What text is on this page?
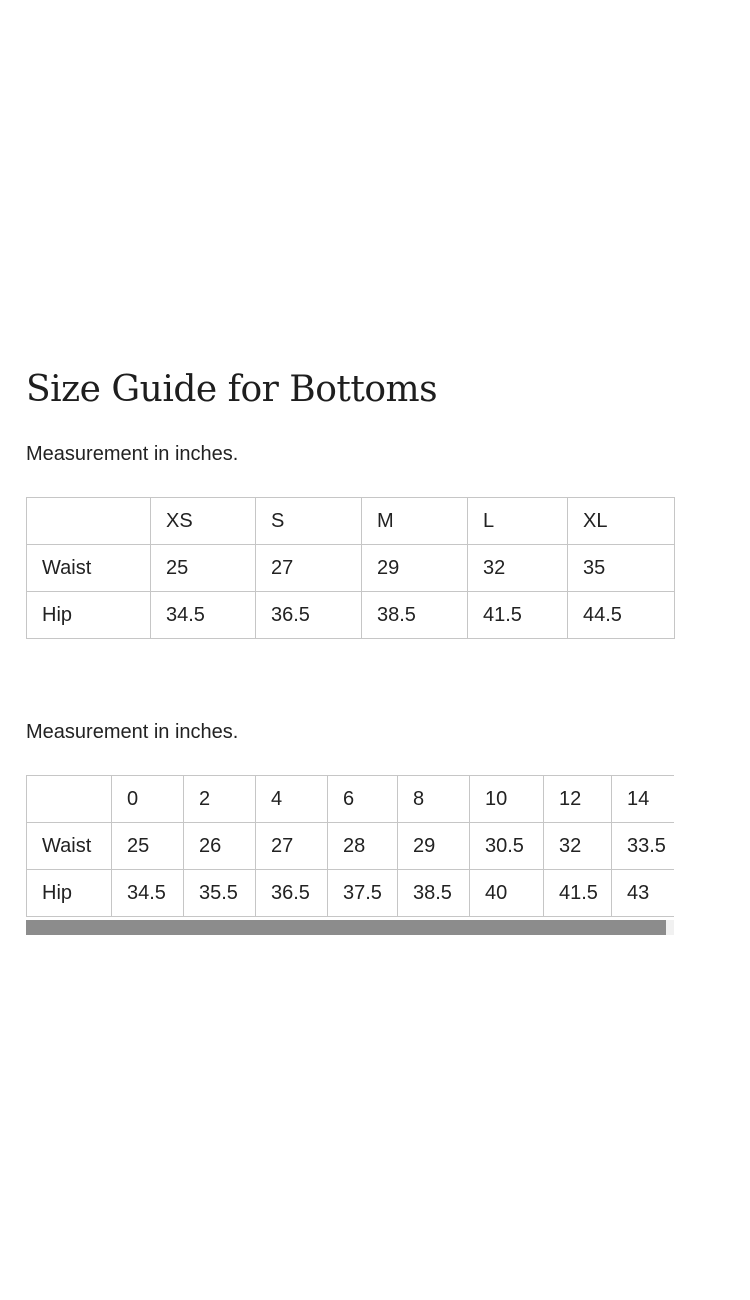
Size Guide for Bottoms

Measurement in inches.

	XS	S	M	L	XL
Waist	25	27	29	32	35
Hip	34.5	36.5	38.5	41.5	44.5

Measurement in inches.

	0	2	4	6	8	10	12	14
Waist	25	26	27	28	29	30.5	32	33.5
Hip	34.5	35.5	36.5	37.5	38.5	40	41.5	43
